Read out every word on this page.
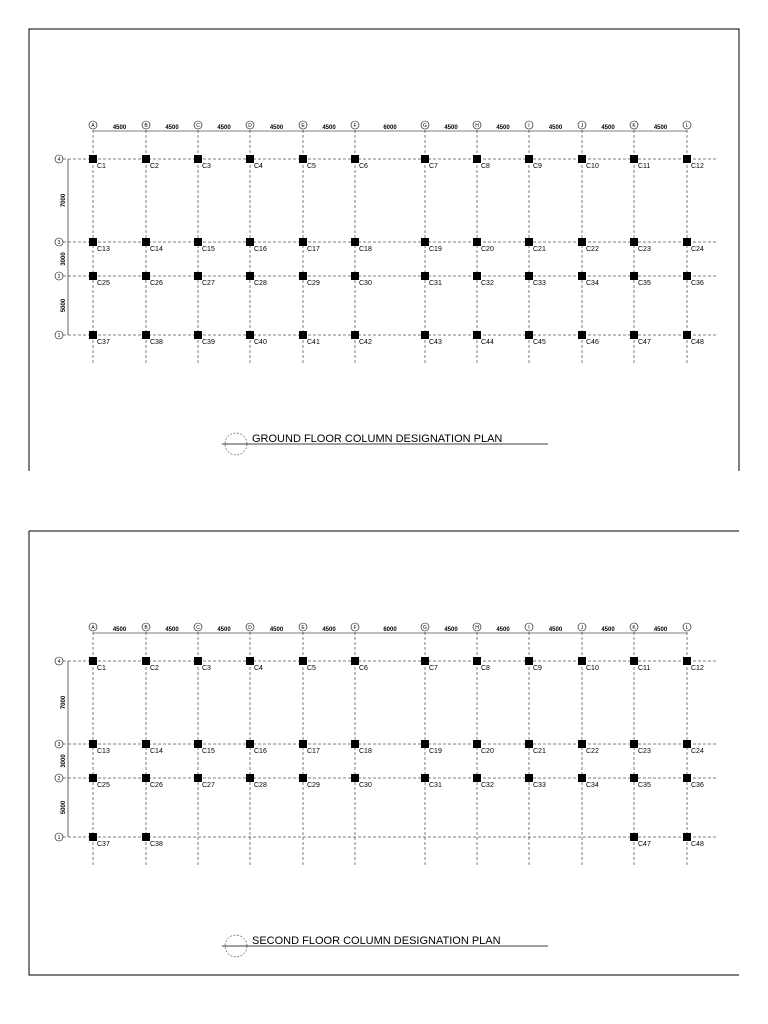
A	B	C	D	E	F	G	H	I	J	K	L
4500	4500	4500	4500	4500	6000	4500	4500	4500	4500	4500
4
3
2
1
7000
3000
5000
C1	C2	C3	C4	C5	C6	C7	C8	C9	C10	C11	C12
C13	C14	C15	C16	C17	C18	C19	C20	C21	C22	C23	C24
C25	C26	C27	C28	C29	C30	C31	C32	C33	C34	C35	C36
C37	C38	C39	C40	C41	C42	C43	C44	C45	C46	C47	C48
GROUND FLOOR COLUMN DESIGNATION PLAN
A	B	C	D	E	F	G	H	I	J	K	L
4500	4500	4500	4500	4500	6000	4500	4500	4500	4500	4500
4
3
2
1
7000
3000
5000
C1	C2	C3	C4	C5	C6	C7	C8	C9	C10	C11	C12
C13	C14	C15	C16	C17	C18	C19	C20	C21	C22	C23	C24
C25	C26	C27	C28	C29	C30	C31	C32	C33	C34	C35	C36
C37	C38	C47	C48
SECOND FLOOR COLUMN DESIGNATION PLAN
